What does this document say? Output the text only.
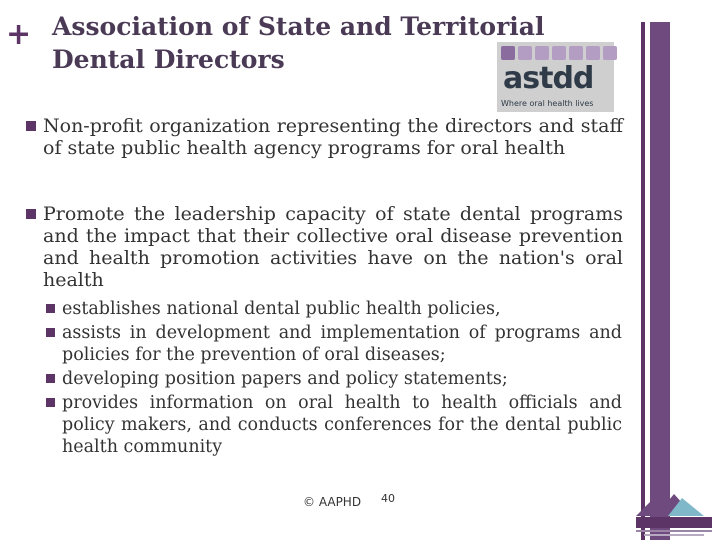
+ Association of State and Territorial
Dental Directors
astdd
Where oral health lives
Non-profit organization representing the directors and staff of state public health agency programs for oral health
Promote the leadership capacity of state dental programs and the impact that their collective oral disease prevention and health promotion activities have on the nation's oral health
establishes national dental public health policies,
assists in development and implementation of programs and policies for the prevention of oral diseases;
developing position papers and policy statements;
provides information on oral health to health officials and policy makers, and conducts conferences for the dental public health community
© AAPHD 40
